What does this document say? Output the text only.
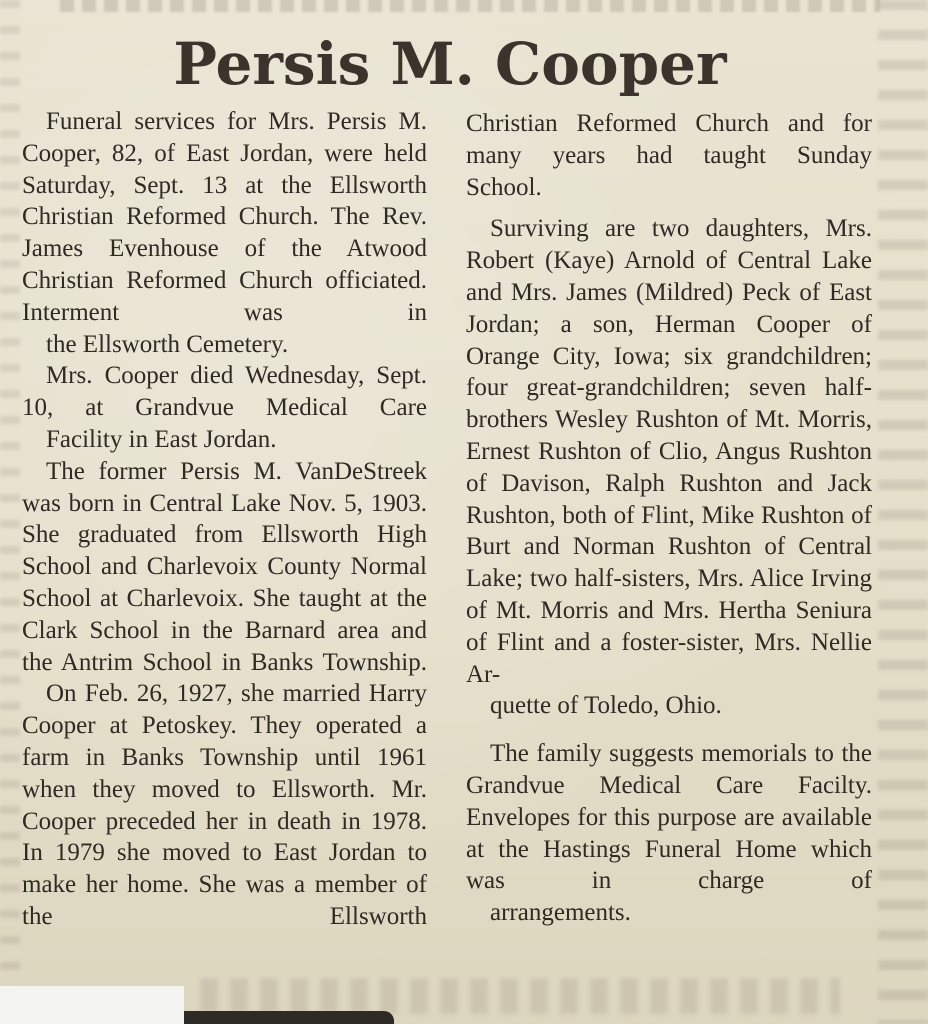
Persis M. Cooper

Funeral services for Mrs. Persis M. Cooper, 82, of East Jordan, were held Saturday, Sept. 13 at the Ellsworth Christian Reformed Church. The Rev. James Evenhouse of the Atwood Christian Reformed Church officiated. Interment was in
the Ellsworth Cemetery.

Mrs. Cooper died Wednesday, Sept. 10, at Grandvue Medical Care
Facility in East Jordan.

The former Persis M. VanDeStreek was born in Central Lake Nov. 5, 1903. She graduated from Ellsworth High School and Charlevoix County Normal School at Charlevoix. She taught at the Clark School in the Barnard area and the Antrim School in Banks Township.

On Feb. 26, 1927, she married Harry Cooper at Petoskey. They operated a farm in Banks Township until 1961 when they moved to Ellsworth. Mr. Cooper preceded her in death in 1978. In 1979 she moved to East Jordan to make her home. She was a member of the Ellsworth

Christian Reformed Church and for many years had taught Sunday
School.

Surviving are two daughters, Mrs. Robert (Kaye) Arnold of Central Lake and Mrs. James (Mildred) Peck of East Jordan; a son, Herman Cooper of Orange City, Iowa; six grandchildren; four great-grandchildren; seven half-brothers Wesley Rushton of Mt. Morris, Ernest Rushton of Clio, Angus Rushton of Davison, Ralph Rushton and Jack Rushton, both of Flint, Mike Rushton of Burt and Norman Rushton of Central Lake; two half-sisters, Mrs. Alice Irving of Mt. Morris and Mrs. Hertha Seniura of Flint and a foster-sister, Mrs. Nellie Ar-
quette of Toledo, Ohio.

The family suggests memorials to the Grandvue Medical Care Facilty. Envelopes for this purpose are available at the Hastings Funeral Home which was in charge of
arrangements.
